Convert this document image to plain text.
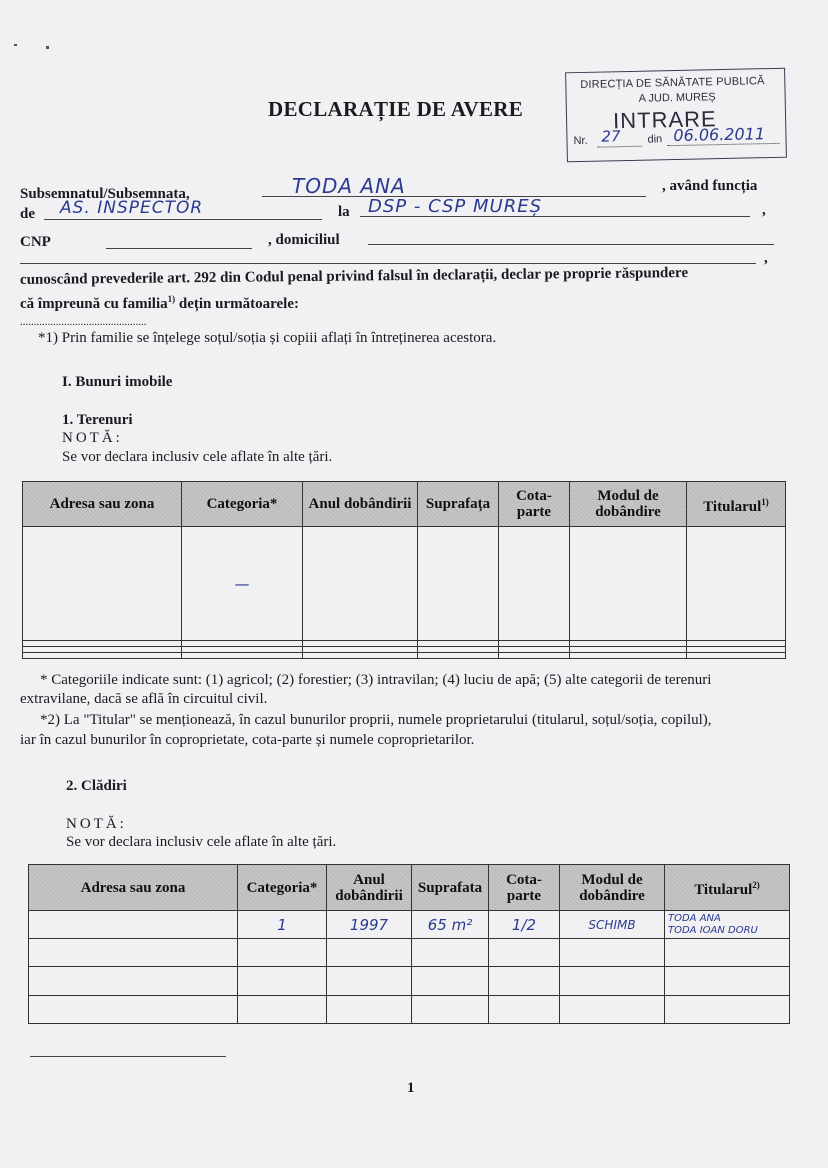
DECLARAȚIE DE AVERE
DIRECȚIA DE SĂNĂTATE PUBLICĂ
A JUD. MUREȘ
INTRARE
Nr. 27 din 06.06.2011
Subsemnatul/Subsemnata,	TODA ANA	, având funcția
de AS. INSPECTOR	la DSP - CSP MUREȘ	,
CNP	, domiciliul
,
cunoscând prevederile art. 292 din Codul penal privind falsul în declarații, declar pe proprie răspundere
că împreună cu familia$^{1)}$ dețin următoarele:
..............................................
*1) Prin familie se înțelege soțul/soția și copiii aflați în întreținerea acestora.
I. Bunuri imobile
1. Terenuri
NOTĂ:
Se vor declara inclusiv cele aflate în alte țări.
Adresa sau zona	Categoria*	Anul dobândirii	Suprafața	Cota-parte	Modul de dobândire	Titularul$^{1)}$
	—					

* Categoriile indicate sunt: (1) agricol; (2) forestier; (3) intravilan; (4) luciu de apă; (5) alte categorii de terenuri
extravilane, dacă se află în circuitul civil.
*2) La "Titular" se menționează, în cazul bunurilor proprii, numele proprietarului (titularul, soțul/soția, copilul),
iar în cazul bunurilor în coproprietate, cota-parte și numele coproprietarilor.
2. Clădiri
NOTĂ:
Se vor declara inclusiv cele aflate în alte țări.
Adresa sau zona	Categoria*	Anul dobândirii	Suprafata	Cota-parte	Modul de dobândire	Titularul$^{2)}$
	1	1997	65 m²	1/2	SCHIMB	TODA ANA
TODA IOAN DORU

1
